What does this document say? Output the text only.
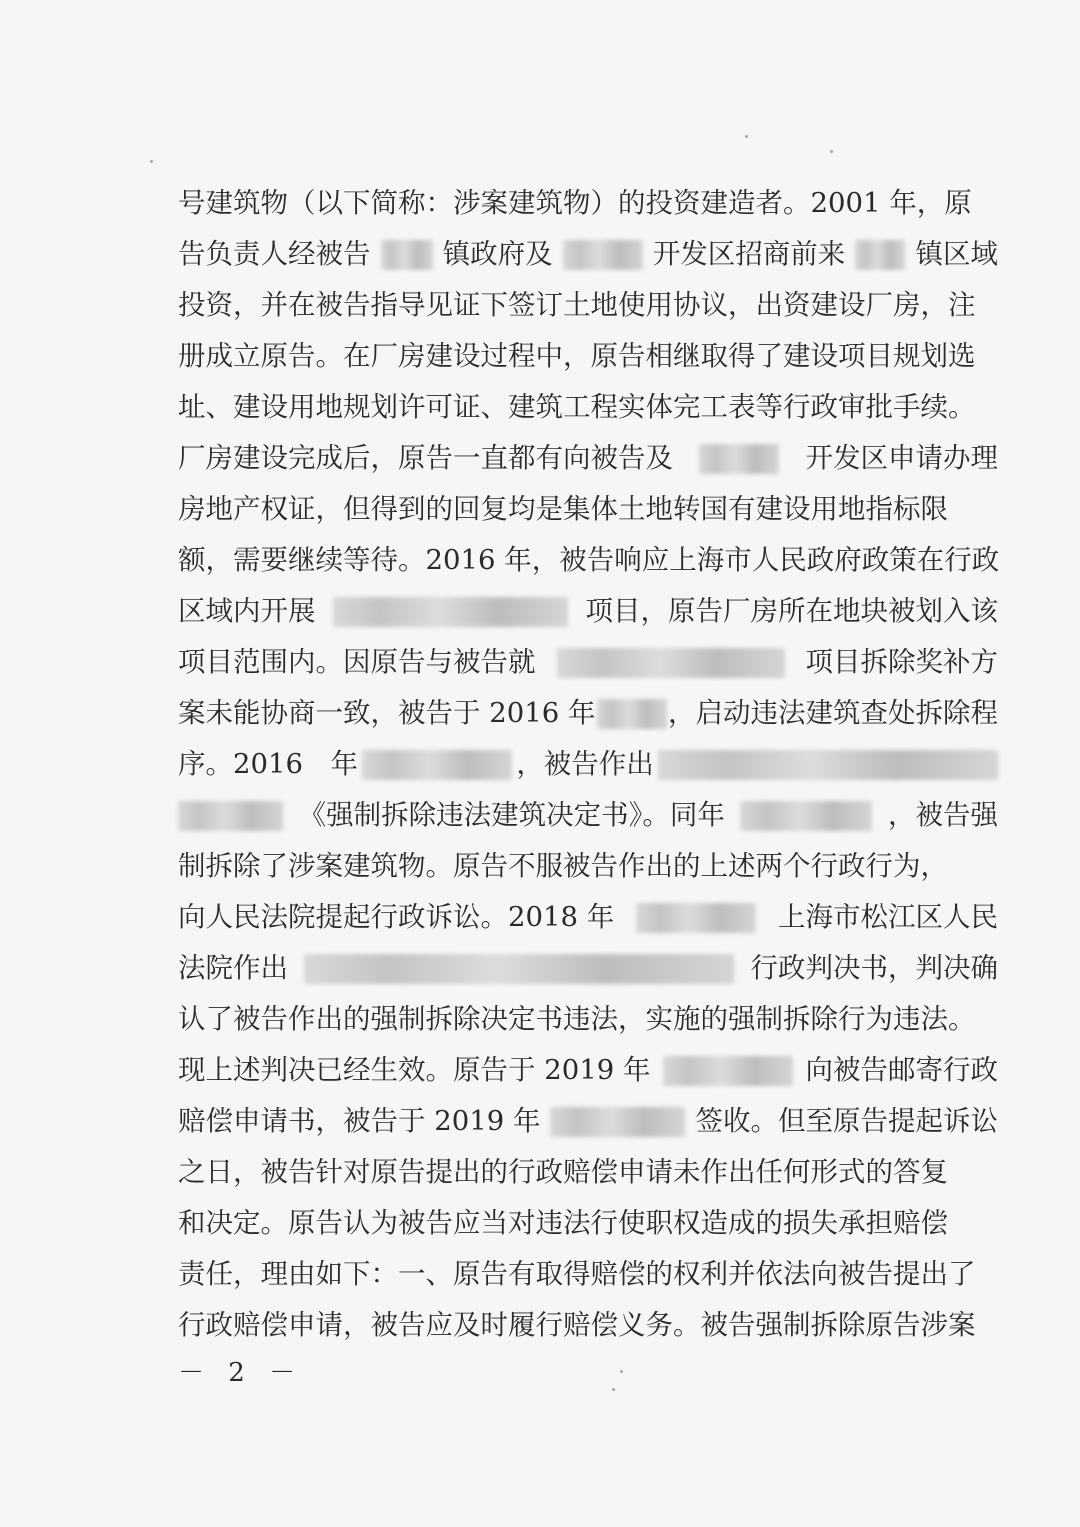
号建筑物（以下简称：涉案建筑物）的投资建造者。2001 年，原
告负责人经被告	镇政府及	开发区招商前来	镇区域
投资，并在被告指导见证下签订土地使用协议，出资建设厂房，注
册成立原告。在厂房建设过程中，原告相继取得了建设项目规划选
址、建设用地规划许可证、建筑工程实体完工表等行政审批手续。
厂房建设完成后，原告一直都有向被告及	开发区申请办理
房地产权证，但得到的回复均是集体土地转国有建设用地指标限
额，需要继续等待。2016 年，被告响应上海市人民政府政策在行政
区域内开展	项目，原告厂房所在地块被划入该
项目范围内。因原告与被告就	项目拆除奖补方
案未能协商一致，被告于 2016 年	，启动违法建筑查处拆除程
序。2016　年	，被告作出
《强制拆除违法建筑决定书》。同年	，被告强
制拆除了涉案建筑物。原告不服被告作出的上述两个行政行为，
向人民法院提起行政诉讼。2018 年	上海市松江区人民
法院作出	行政判决书，判决确
认了被告作出的强制拆除决定书违法，实施的强制拆除行为违法。
现上述判决已经生效。原告于 2019 年	向被告邮寄行政
赔偿申请书，被告于 2019 年	签收。但至原告提起诉讼
之日，被告针对原告提出的行政赔偿申请未作出任何形式的答复
和决定。原告认为被告应当对违法行使职权造成的损失承担赔偿
责任，理由如下：一、原告有取得赔偿的权利并依法向被告提出了
行政赔偿申请，被告应及时履行赔偿义务。被告强制拆除原告涉案
－ 2 －
